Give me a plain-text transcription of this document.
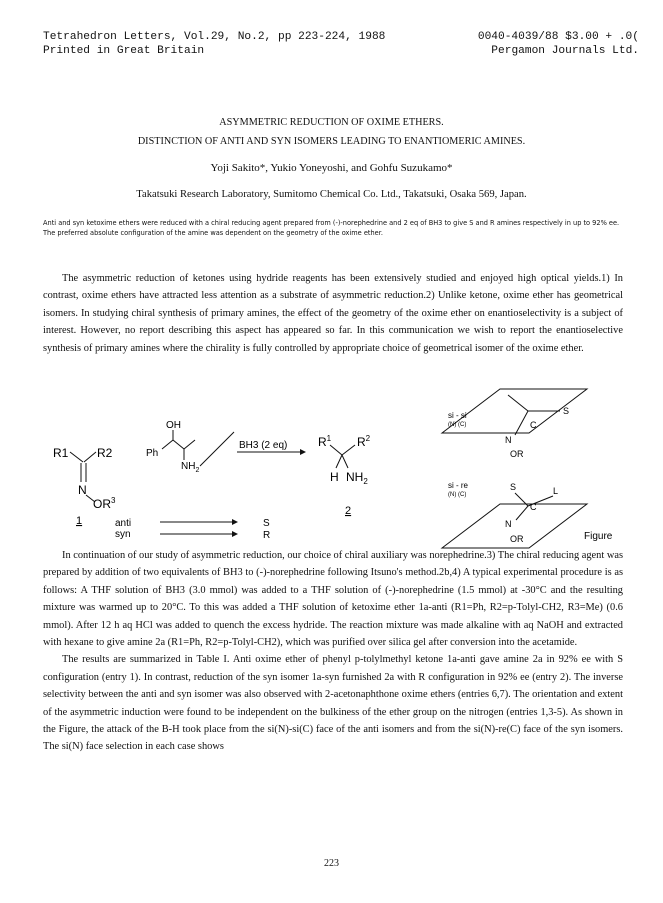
Tetrahedron Letters, Vol.29, No.2, pp 223-224, 1988
Printed in Great Britain
0040-4039/88 $3.00 + .0(
Pergamon Journals Ltd.
ASYMMETRIC REDUCTION OF OXIME ETHERS.
DISTINCTION OF ANTI AND SYN ISOMERS LEADING TO ENANTIOMERIC AMINES.
Yoji Sakito*, Yukio Yoneyoshi, and Gohfu Suzukamo*
Takatsuki Research Laboratory, Sumitomo Chemical Co. Ltd., Takatsuki, Osaka 569, Japan.
Anti and syn ketoxime ethers were reduced with a chiral reducing agent prepared from (-)-norephedrine and 2 eq of BH3 to give S and R amines respectively in up to 92% ee. The preferred absolute configuration of the amine was dependent on the geometry of the oxime ether.

The asymmetric reduction of ketones using hydride reagents has been extensively studied and enjoyed high optical yields.1) In contrast, oxime ethers have attracted less attention as a substrate of asymmetric reduction.2) Unlike ketone, oxime ether has geometrical isomers. In studying chiral synthesis of primary amines, the effect of the geometry of the oxime ether on enantioselectivity is a subject of interest. However, no report describing this aspect has appeared so far. In this communication we wish to report the enantioselective synthesis of primary amines where the chirality is fully controlled by appropriate choice of geometrical isomer of the oxime ether.

R1 R2
N
$OR^3$
1	anti
syn
S
R
OH
Ph
$NH_2$
BH3 (2 eq)	$R^1$ $R^2$
H $NH_2$
2
si - si
(N) (C)
S
C
N
OR
si - re
(N) (C)
S	L
C
N
OR	Figure

In continuation of our study of asymmetric reduction, our choice of chiral auxiliary was norephedrine.3) The chiral reducing agent was prepared by addition of two equivalents of BH3 to (-)-norephedrine following Itsuno's method.2b,4) A typical experimental procedure is as follows: A THF solution of BH3 (3.0 mmol) was added to a THF solution of (-)-norephedrine (1.5 mmol) at -30°C and the resulting mixture was warmed up to 20°C. To this was added a THF solution of ketoxime ether 1a-anti (R1=Ph, R2=p-Tolyl-CH2, R3=Me) (0.6 mmol). After 12 h aq HCl was added to quench the excess hydride. The reaction mixture was made alkaline with aq NaOH and extracted with hexane to give amine 2a (R1=Ph, R2=p-Tolyl-CH2), which was purified over silica gel after conversion into the acetamide.

The results are summarized in Table I. Anti oxime ether of phenyl p-tolylmethyl ketone 1a-anti gave amine 2a in 92% ee with S configuration (entry 1). In contrast, reduction of the syn isomer 1a-syn furnished 2a with R configuration in 92% ee (entry 2). The inverse selectivity between the anti and syn isomer was also observed with 2-acetonaphthone oxime ethers (entries 6,7). The orientation and extent of the asymmetric induction were found to be independent on the bulkiness of the ether group on the nitrogen (entries 1,3-5). As shown in the Figure, the attack of the B-H took place from the si(N)-si(C) face of the anti isomers and from the si(N)-re(C) face of the syn isomers. The si(N) face selection in each case shows

223
